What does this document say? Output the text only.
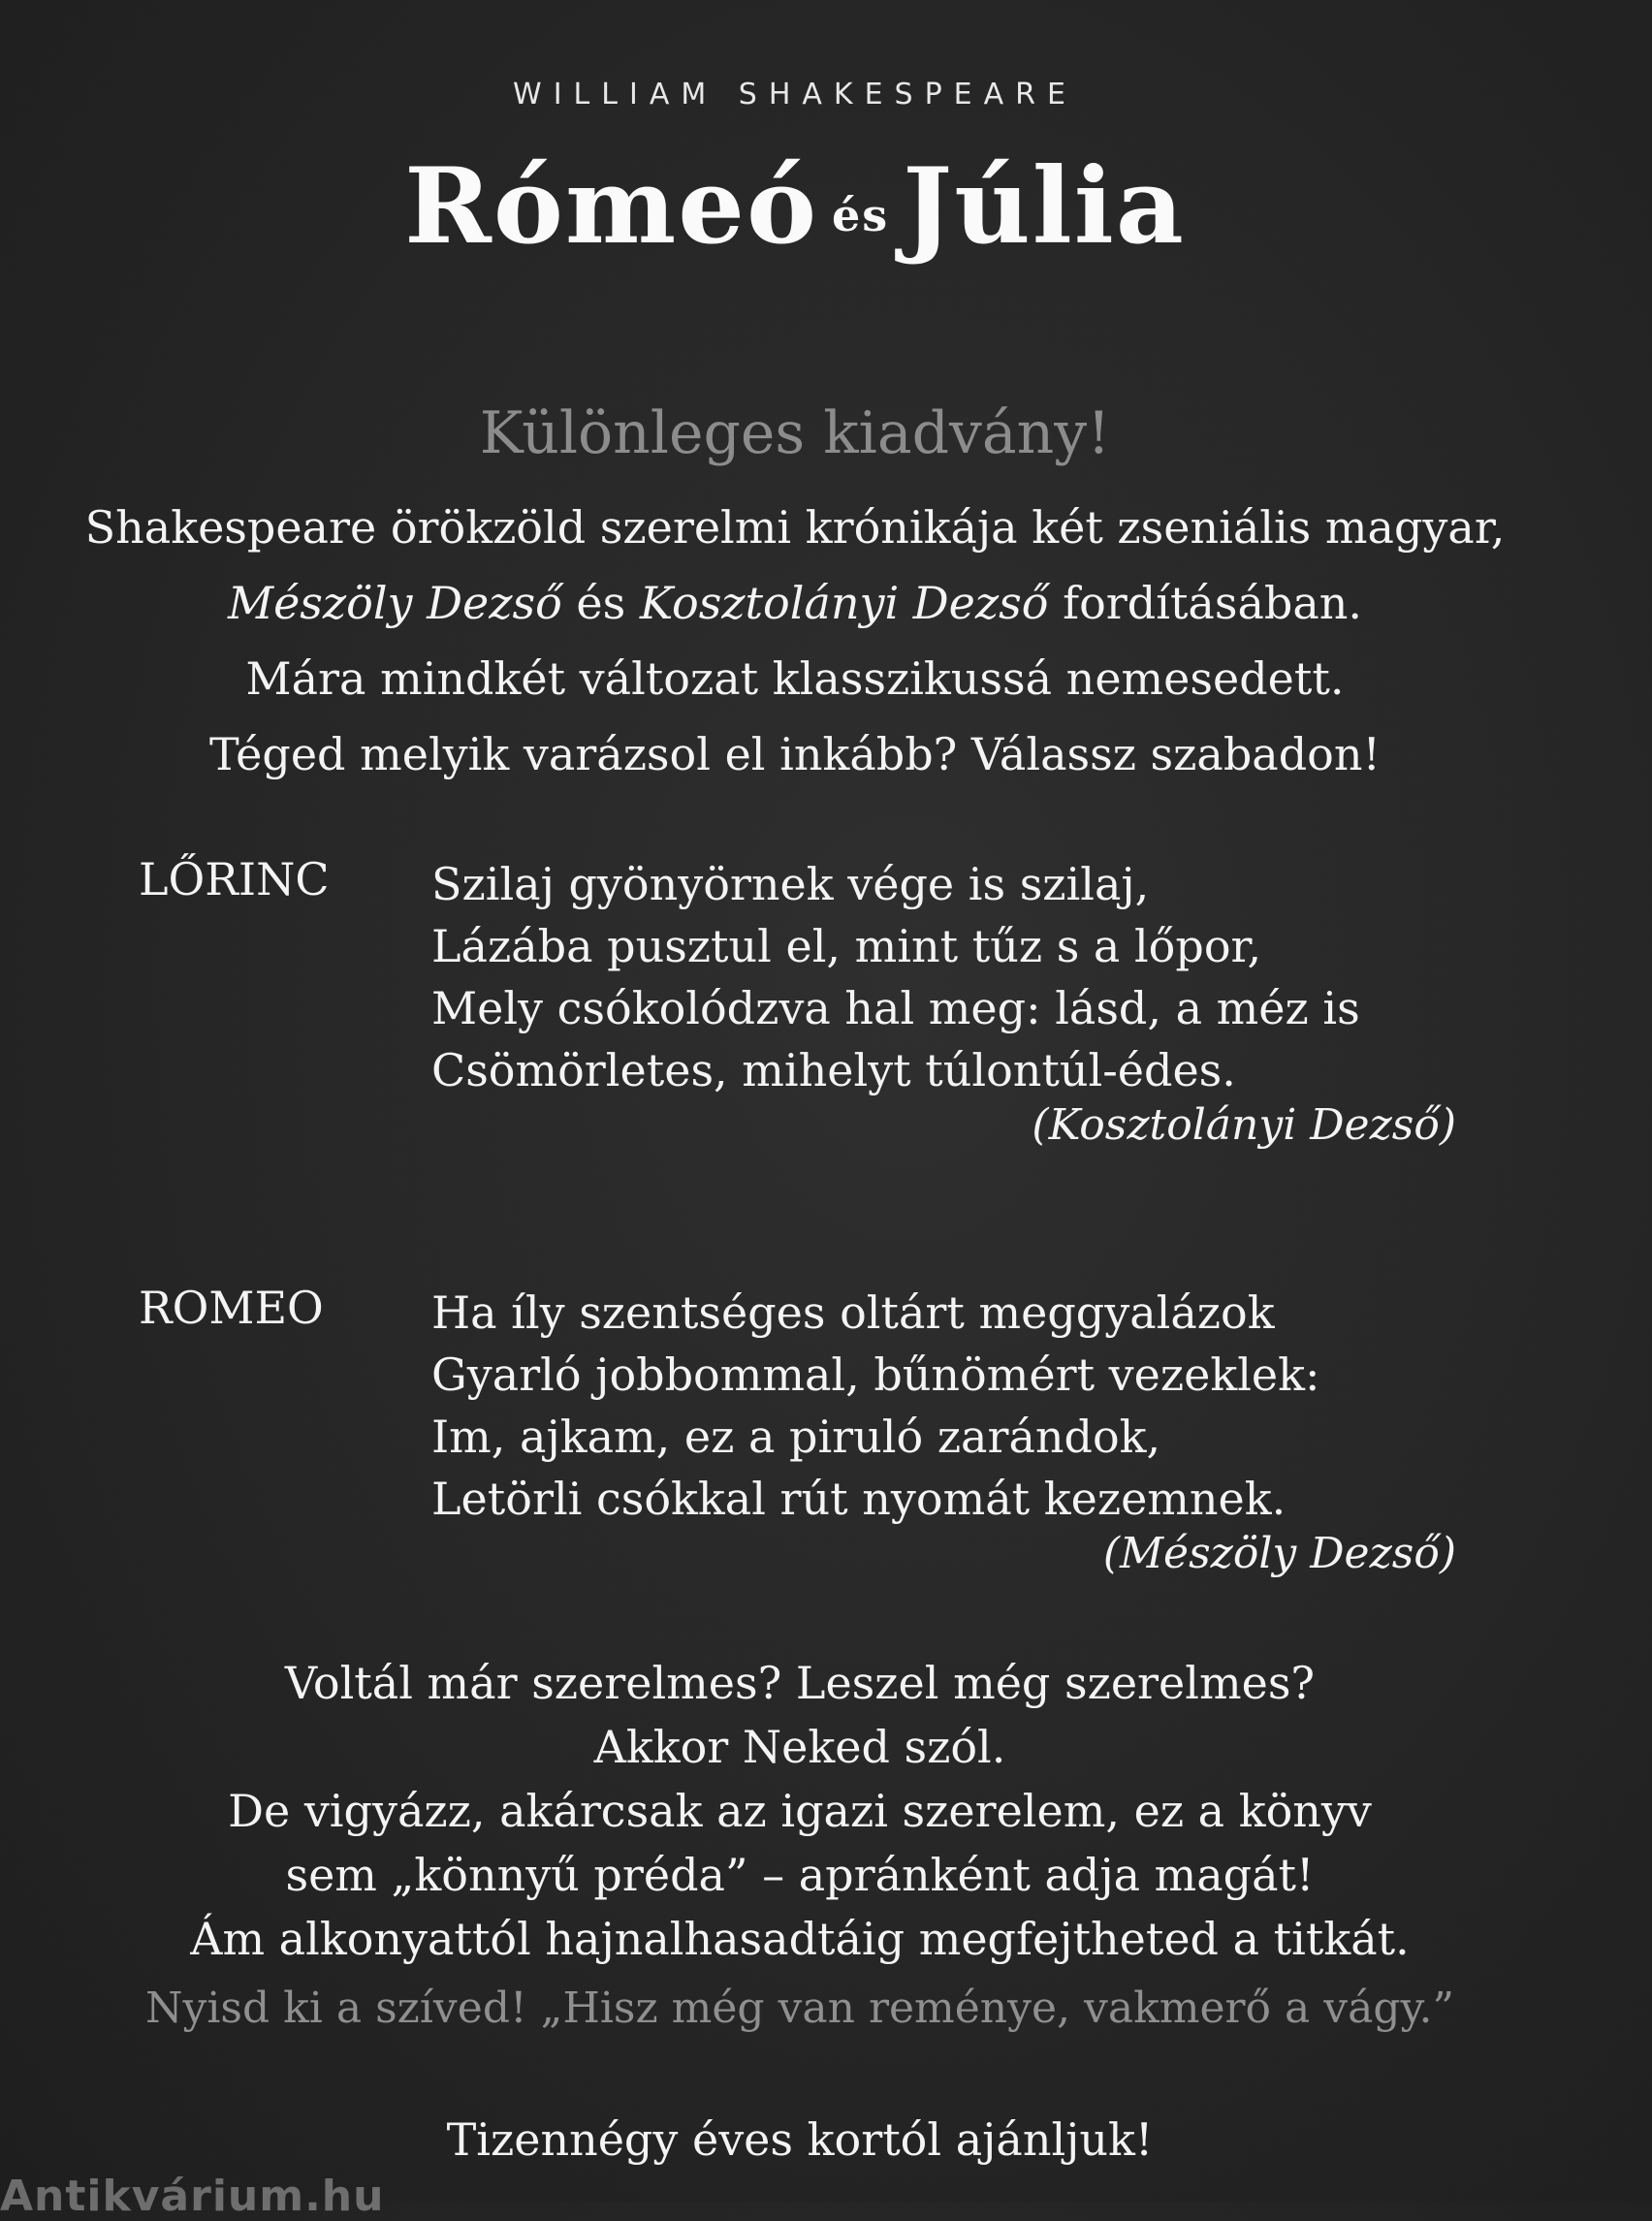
WILLIAM SHAKESPEARE
Rómeó és Júlia
Különleges kiadvány!

Shakespeare örökzöld szerelmi krónikája két zseniális magyar,

Mészöly Dezső és Kosztolányi Dezső fordításában.

Mára mindkét változat klasszikussá nemesedett.

Téged melyik varázsol el inkább? Válassz szabadon!

LŐRINC Szilaj gyönyörnek vége is szilaj,

Lázába pusztul el, mint tűz s a lőpor,

Mely csókolódzva hal meg: lásd, a méz is

Csömörletes, mihelyt túlontúl-édes.

(Kosztolányi Dezső)
ROMEO Ha íly szentséges oltárt meggyalázok

Gyarló jobbommal, bűnömért vezeklek:

Im, ajkam, ez a piruló zarándok,

Letörli csókkal rút nyomát kezemnek.

(Mészöly Dezső)

Voltál már szerelmes? Leszel még szerelmes?

Akkor Neked szól.

De vigyázz, akárcsak az igazi szerelem, ez a könyv

sem „könnyű préda” – apránként adja magát!

Ám alkonyattól hajnalhasadtáig megfejtheted a titkát.

Nyisd ki a szíved! „Hisz még van reménye, vakmerő a vágy.”
Tizennégy éves kortól ajánljuk!
Antikvárium.hu
